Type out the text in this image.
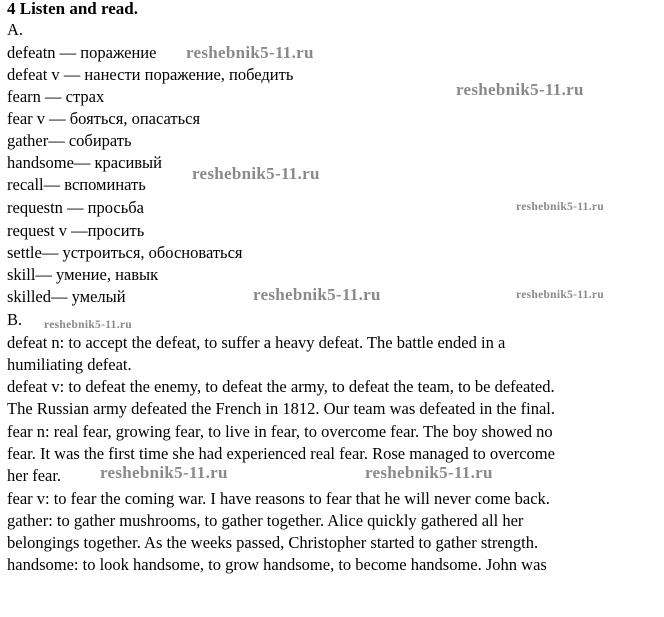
4 Listen and read.
A.
defeatn — поражение
defeat v — нанести поражение, победить
fearn — страх
fear v — бояться, опасаться
gather— собирать
handsome— красивый
recall— вспоминать
requestn — просьба
request v —просить
settle— устроиться, обосноваться
skill— умение, навык
skilled— умелый
B.
defeat n: to accept the defeat, to suffer a heavy defeat. The battle ended in a
humiliating defeat.
defeat v: to defeat the enemy, to defeat the army, to defeat the team, to be defeated.
The Russian army defeated the French in 1812. Our team was defeated in the final.
fear n: real fear, growing fear, to live in fear, to overcome fear. The boy showed no
fear. It was the first time she had experienced real fear. Rose managed to overcome
her fear.
fear v: to fear the coming war. I have reasons to fear that he will never come back.
gather: to gather mushrooms, to gather together. Alice quickly gathered all her
belongings together. As the weeks passed, Christopher started to gather strength.
handsome: to look handsome, to grow handsome, to become handsome. John was
reshebnik5-11.ru
reshebnik5-11.ru
reshebnik5-11.ru
reshebnik5-11.ru
reshebnik5-11.ru	reshebnik5-11.ru
reshebnik5-11.ru
reshebnik5-11.ru	reshebnik5-11.ru
